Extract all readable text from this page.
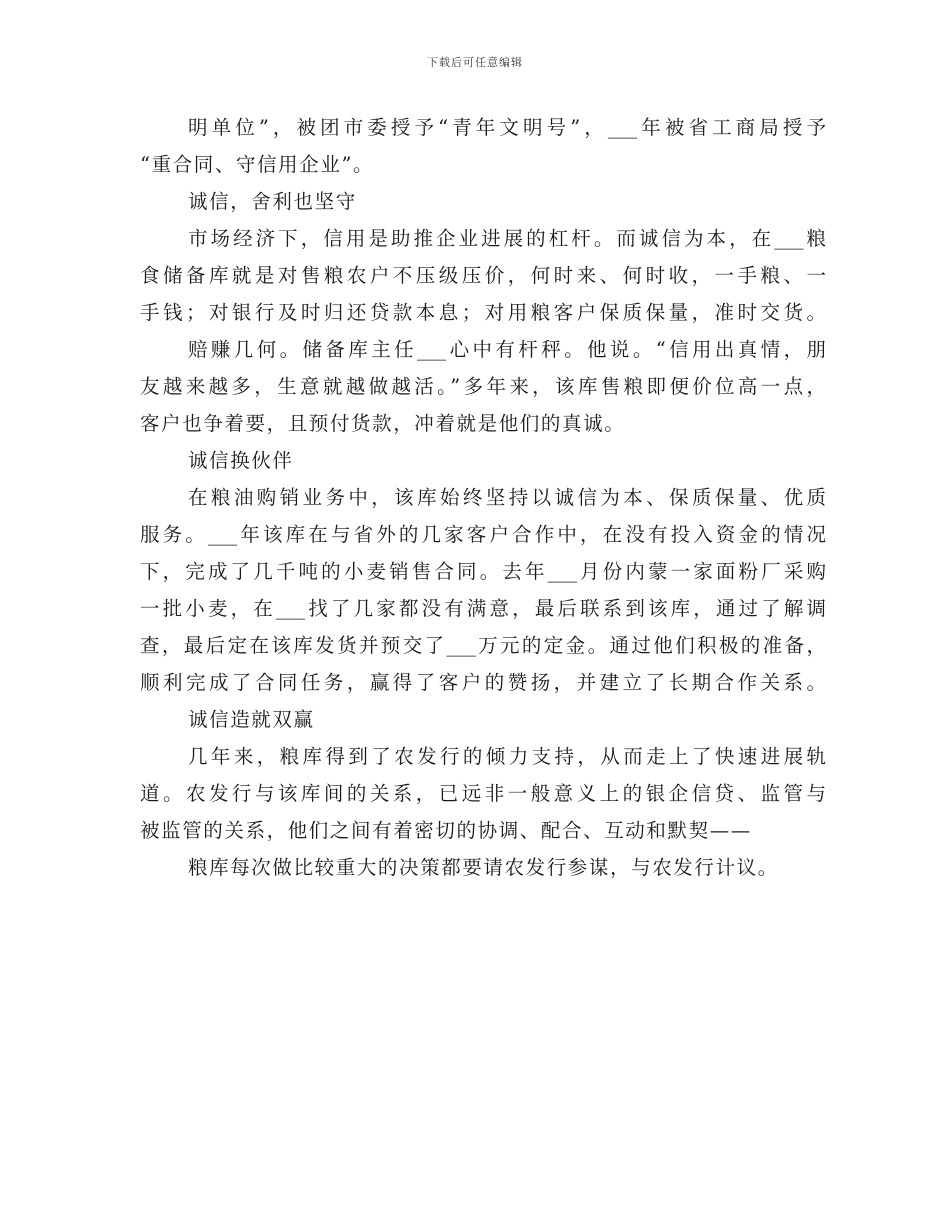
下载后可任意编辑
明单位”，被团市委授予“青年文明号”，___年被省工商局授予
“重合同、守信用企业”。
诚信，舍利也坚守
市场经济下，信用是助推企业进展的杠杆。而诚信为本，在___粮
食储备库就是对售粮农户不压级压价，何时来、何时收，一手粮、一
手钱；对银行及时归还贷款本息；对用粮客户保质保量，准时交货。
赔赚几何。储备库主任___心中有杆秤。他说。“信用出真情，朋
友越来越多，生意就越做越活。”多年来，该库售粮即便价位高一点，
客户也争着要，且预付货款，冲着就是他们的真诚。
诚信换伙伴
在粮油购销业务中，该库始终坚持以诚信为本、保质保量、优质
服务。___年该库在与省外的几家客户合作中，在没有投入资金的情况
下，完成了几千吨的小麦销售合同。去年___月份内蒙一家面粉厂采购
一批小麦，在___找了几家都没有满意，最后联系到该库，通过了解调
查，最后定在该库发货并预交了___万元的定金。通过他们积极的准备，
顺利完成了合同任务，赢得了客户的赞扬，并建立了长期合作关系。
诚信造就双赢
几年来，粮库得到了农发行的倾力支持，从而走上了快速进展轨
道。农发行与该库间的关系，已远非一般意义上的银企信贷、监管与
被监管的关系，他们之间有着密切的协调、配合、互动和默契——
粮库每次做比较重大的决策都要请农发行参谋，与农发行计议。
